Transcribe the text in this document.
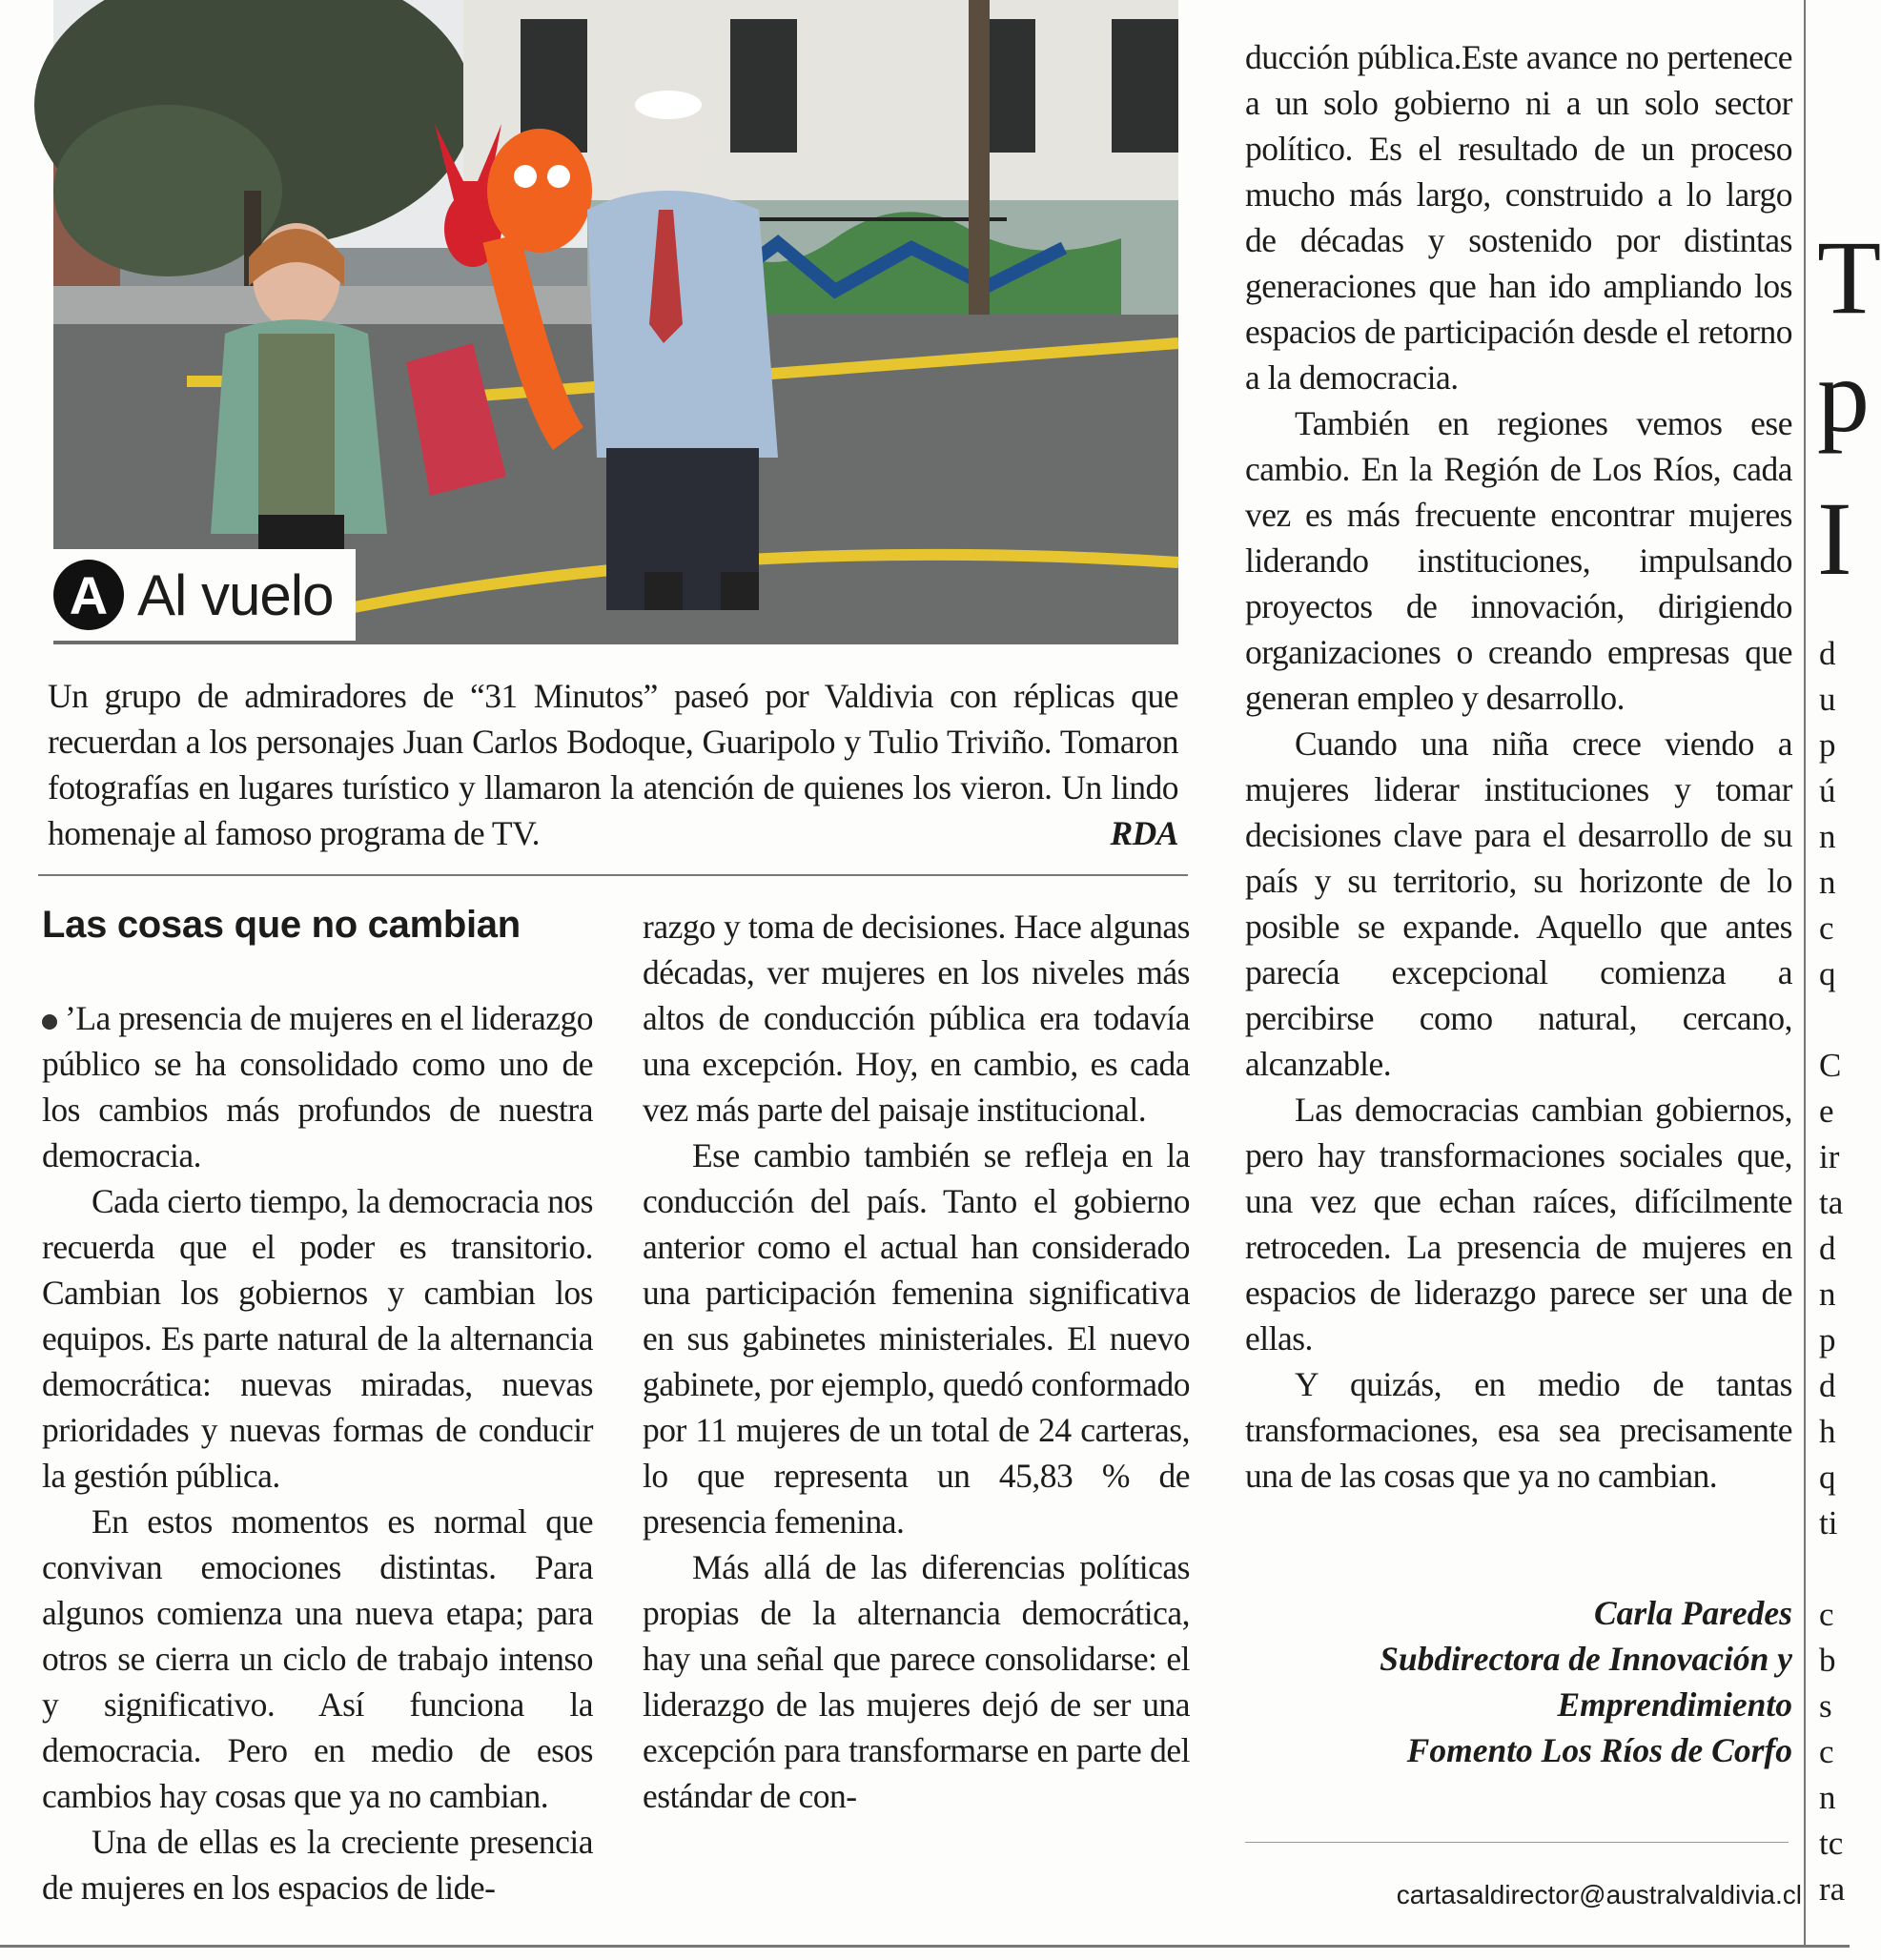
A Al vuelo
Un grupo de admiradores de “31 Minutos” paseó por Valdivia con réplicas que recuerdan a los personajes Juan Carlos Bodoque, Guaripolo y Tulio Triviño. Tomaron fotografías en lugares turístico y llamaron la atención de quienes los vieron. Un lindo homenaje al famoso programa de TV.	RDA
Las cosas que no cambian

’La presencia de mujeres en el liderazgo público se ha consolidado como uno de los cambios más profundos de nuestra democracia.

Cada cierto tiempo, la democracia nos recuerda que el poder es transitorio. Cambian los gobiernos y cambian los equipos. Es parte natural de la alternancia democrática: nuevas miradas, nuevas prioridades y nuevas formas de conducir la gestión pública.

En estos momentos es normal que convivan emociones distintas. Para algunos comienza una nueva etapa; para otros se cierra un ciclo de trabajo intenso y significativo. Así funciona la democracia. Pero en medio de esos cambios hay cosas que ya no cambian.

Una de ellas es la creciente presencia de mujeres en los espacios de lide-

razgo y toma de decisiones. Hace algunas décadas, ver mujeres en los niveles más altos de conducción pública era todavía una excepción. Hoy, en cambio, es cada vez más parte del paisaje institucional.

Ese cambio también se refleja en la conducción del país. Tanto el gobierno anterior como el actual han considerado una participación femenina significativa en sus gabinetes ministeriales. El nuevo gabinete, por ejemplo, quedó conformado por 11 mujeres de un total de 24 carteras, lo que representa un 45,83 % de presencia femenina.

Más allá de las diferencias políticas propias de la alternancia democrática, hay una señal que parece consolidarse: el liderazgo de las mujeres dejó de ser una excepción para transformarse en parte del estándar de con-

ducción pública.Este avance no pertenece a un solo gobierno ni a un solo sector político. Es el resultado de un proceso mucho más largo, construido a lo largo de décadas y sostenido por distintas generaciones que han ido ampliando los espacios de participación desde el retorno a la democracia.

También en regiones vemos ese cambio. En la Región de Los Ríos, cada vez es más frecuente encontrar mujeres liderando instituciones, impulsando proyectos de innovación, dirigiendo organizaciones o creando empresas que generan empleo y desarrollo.

Cuando una niña crece viendo a mujeres liderar instituciones y tomar decisiones clave para el desarrollo de su país y su territorio, su horizonte de lo posible se expande. Aquello que antes parecía excepcional comienza a percibirse como natural, cercano, alcanzable.

Las democracias cambian gobiernos, pero hay transformaciones sociales que, una vez que echan raíces, difícilmente retroceden. La presencia de mujeres en espacios de liderazgo parece ser una de ellas.

Y quizás, en medio de tantas transformaciones, esa sea precisamente una de las cosas que ya no cambian.

Carla Paredes
Subdirectora de Innovación y
Emprendimiento
Fomento Los Ríos de Corfo
cartasaldirector@australvaldivia.cl
T
p
I
d
u
p
ú
n
n
c
q

C
e
ir
ta
d
n
p
d
h
q
ti

c
b
s
c
n
tc
ra
